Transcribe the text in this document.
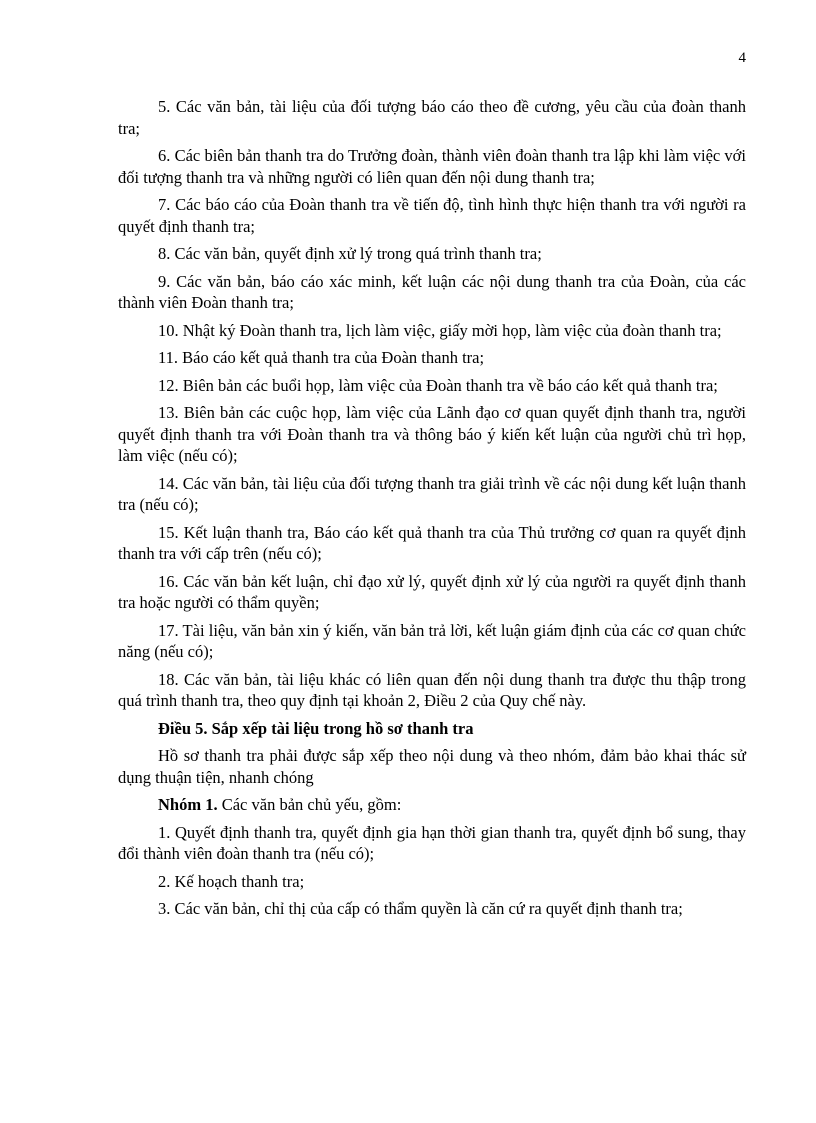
4

5. Các văn bản, tài liệu của đối tượng báo cáo theo đề cương, yêu cầu của đoàn thanh tra;

6. Các biên bản thanh tra do Trưởng đoàn, thành viên đoàn thanh tra lập khi làm việc với đối tượng thanh tra và những người có liên quan đến nội dung thanh tra;

7. Các báo cáo của Đoàn thanh tra về tiến độ, tình hình thực hiện thanh tra với người ra quyết định thanh tra;

8. Các văn bản, quyết định xử lý trong quá trình thanh tra;

9. Các văn bản, báo cáo xác minh, kết luận các nội dung thanh tra của Đoàn, của các thành viên Đoàn thanh tra;

10. Nhật ký Đoàn thanh tra, lịch làm việc, giấy mời họp, làm việc của đoàn thanh tra;

11. Báo cáo kết quả thanh tra của Đoàn thanh tra;

12. Biên bản các buổi họp, làm việc của Đoàn thanh tra về báo cáo kết quả thanh tra;

13. Biên bản các cuộc họp, làm việc của Lãnh đạo cơ quan quyết định thanh tra, người quyết định thanh tra với Đoàn thanh tra và thông báo ý kiến kết luận của người chủ trì họp, làm việc (nếu có);

14. Các văn bản, tài liệu của đối tượng thanh tra giải trình về các nội dung kết luận thanh tra (nếu có);

15. Kết luận thanh tra, Báo cáo kết quả thanh tra của Thủ trưởng cơ quan ra quyết định thanh tra với cấp trên (nếu có);

16. Các văn bản kết luận, chỉ đạo xử lý, quyết định xử lý của người ra quyết định thanh tra hoặc người có thẩm quyền;

17. Tài liệu, văn bản xin ý kiến, văn bản trả lời, kết luận giám định của các cơ quan chức năng (nếu có);

18. Các văn bản, tài liệu khác có liên quan đến nội dung thanh tra được thu thập trong quá trình thanh tra, theo quy định tại khoản 2, Điều 2 của Quy chế này.

Điều 5. Sắp xếp tài liệu trong hồ sơ thanh tra

Hồ sơ thanh tra phải được sắp xếp theo nội dung và theo nhóm, đảm bảo khai thác sử dụng thuận tiện, nhanh chóng

Nhóm 1. Các văn bản chủ yếu, gồm:

1. Quyết định thanh tra, quyết định gia hạn thời gian thanh tra, quyết định bổ sung, thay đổi thành viên đoàn thanh tra (nếu có);

2. Kế hoạch thanh tra;

3. Các văn bản, chỉ thị của cấp có thẩm quyền là căn cứ ra quyết định thanh tra;
